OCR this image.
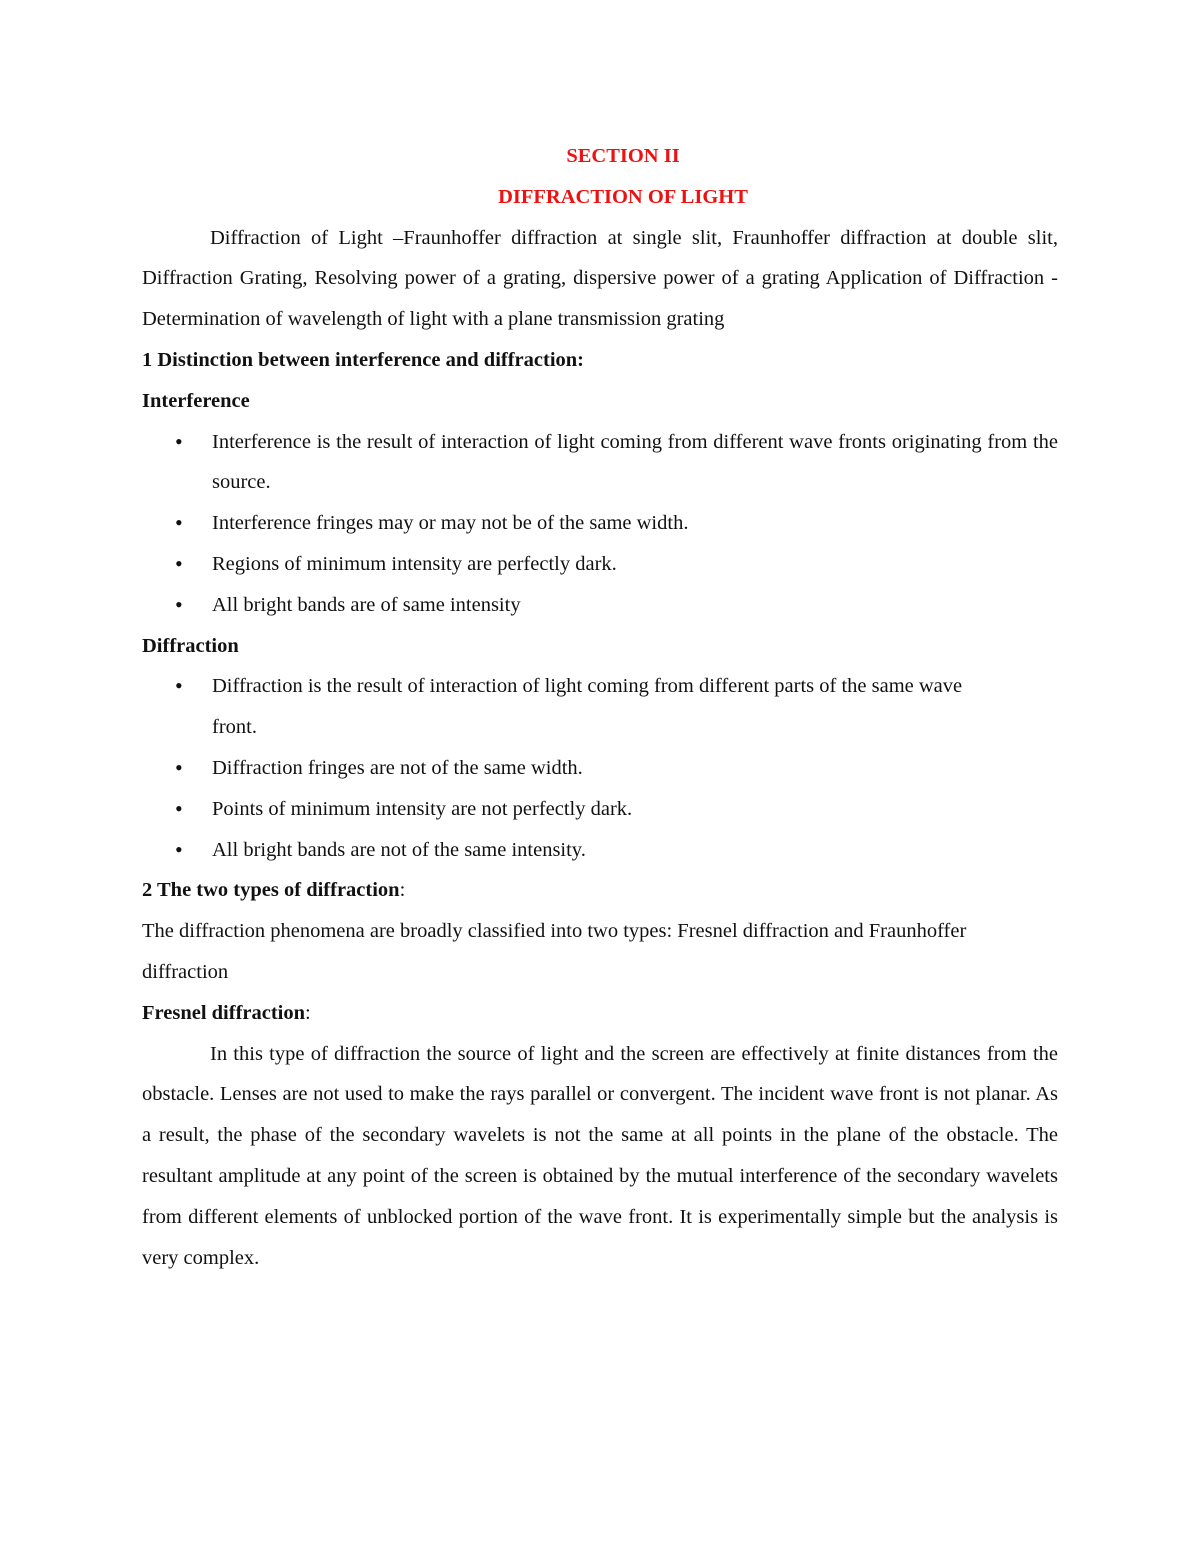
SECTION II
DIFFRACTION OF LIGHT

Diffraction of Light –Fraunhoffer diffraction at single slit, Fraunhoffer diffraction at double slit, Diffraction Grating, Resolving power of a grating, dispersive power of a grating Application of Diffraction - Determination of wavelength of light with a plane transmission grating

1 Distinction between interference and diffraction:

Interference

• Interference is the result of interaction of light coming from different wave fronts originating from the source.
• Interference fringes may or may not be of the same width.
• Regions of minimum intensity are perfectly dark.
• All bright bands are of same intensity

Diffraction

• Diffraction is the result of interaction of light coming from different parts of the same wave front.
• Diffraction fringes are not of the same width.
• Points of minimum intensity are not perfectly dark.
• All bright bands are not of the same intensity.

2 The two types of diffraction:

The diffraction phenomena are broadly classified into two types: Fresnel diffraction and Fraunhoffer diffraction

Fresnel diffraction:

In this type of diffraction the source of light and the screen are effectively at finite distances from the obstacle. Lenses are not used to make the rays parallel or convergent. The incident wave front is not planar. As a result, the phase of the secondary wavelets is not the same at all points in the plane of the obstacle. The resultant amplitude at any point of the screen is obtained by the mutual interference of the secondary wavelets from different elements of unblocked portion of the wave front. It is experimentally simple but the analysis is very complex.
